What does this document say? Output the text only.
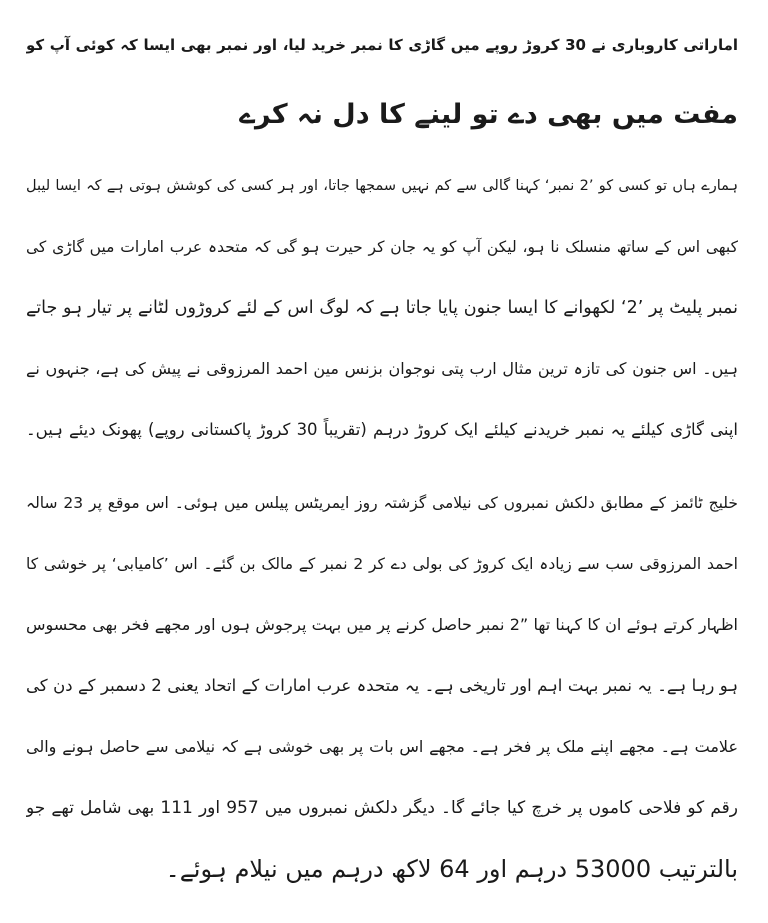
اماراتی کاروباری نے 30 کروڑ روپے میں گاڑی کا نمبر خرید لیا، اور نمبر بھی ایسا کہ کوئی آپ کو
مفت میں بھی دے تو لینے کا دل نہ کرے
ہمارے ہاں تو کسی کو ’2 نمبر‘ کہنا گالی سے کم نہیں سمجھا جاتا، اور ہر کسی کی کوشش ہوتی ہے کہ ایسا لیبل
کبھی اس کے ساتھ منسلک نا ہو، لیکن آپ کو یہ جان کر حیرت ہو گی کہ متحدہ عرب امارات میں گاڑی کی
نمبر پلیٹ پر ’2‘ لکھوانے کا ایسا جنون پایا جاتا ہے کہ لوگ اس کے لئے کروڑوں لٹانے پر تیار ہو جاتے
ہیں۔ اس جنون کی تازہ ترین مثال ارب پتی نوجوان بزنس مین احمد المرزوقی نے پیش کی ہے، جنہوں نے
اپنی گاڑی کیلئے یہ نمبر خریدنے کیلئے ایک کروڑ درہم (تقریباً 30 کروڑ پاکستانی روپے) پھونک دیئے ہیں۔
خلیج ٹائمز کے مطابق دلکش نمبروں کی نیلامی گزشتہ روز ایمریٹس پیلس میں ہوئی۔ اس موقع پر 23 سالہ
احمد المرزوقی سب سے زیادہ ایک کروڑ کی بولی دے کر 2 نمبر کے مالک بن گئے۔ اس ’کامیابی‘ پر خوشی کا
اظہار کرتے ہوئے ان کا کہنا تھا ”2 نمبر حاصل کرنے پر میں بہت پرجوش ہوں اور مجھے فخر بھی محسوس
ہو رہا ہے۔ یہ نمبر بہت اہم اور تاریخی ہے۔ یہ متحدہ عرب امارات کے اتحاد یعنی 2 دسمبر کے دن کی
علامت ہے۔ مجھے اپنے ملک پر فخر ہے۔ مجھے اس بات پر بھی خوشی ہے کہ نیلامی سے حاصل ہونے والی
رقم کو فلاحی کاموں پر خرچ کیا جائے گا۔ دیگر دلکش نمبروں میں 957 اور 111 بھی شامل تھے جو
بالترتیب 53000 درہم اور 64 لاکھ درہم میں نیلام ہوئے۔
